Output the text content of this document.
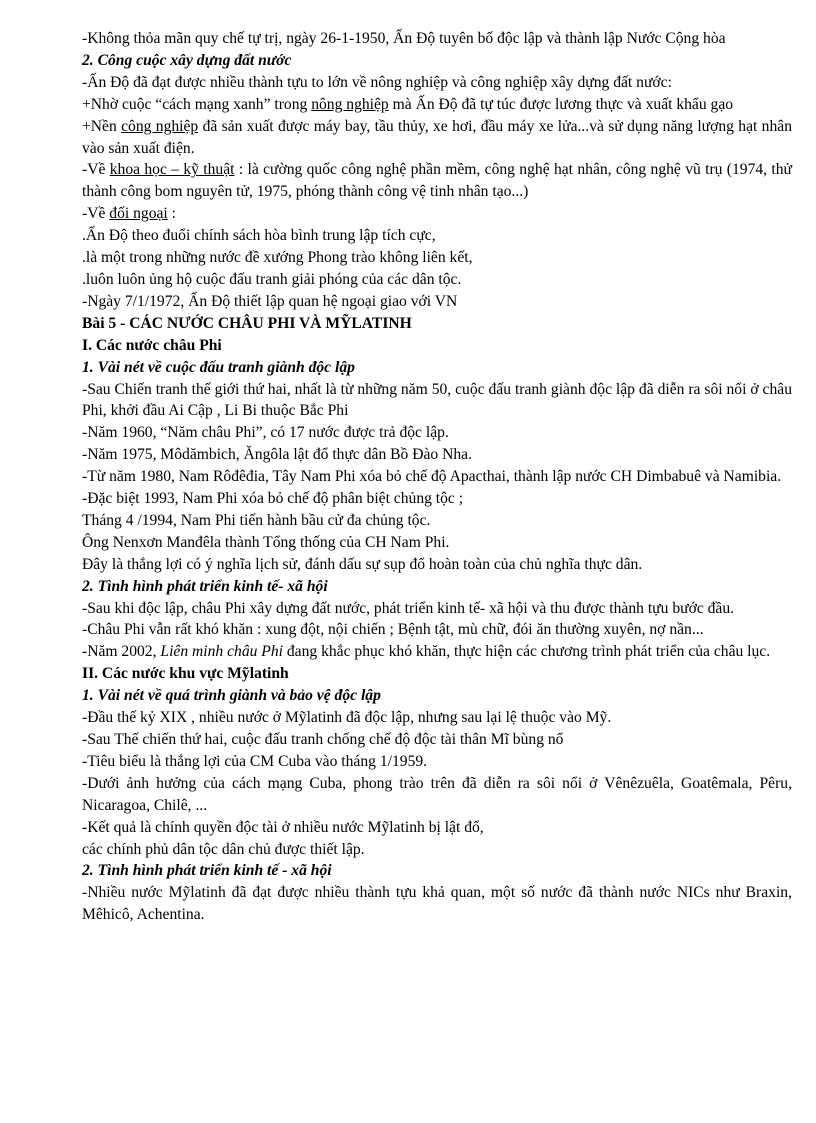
-Không thỏa mãn quy chế tự trị, ngày 26-1-1950, Ấn Độ tuyên bố độc lập và thành lập Nước Cộng hòa

2. Công cuộc xây dựng đất nước

-Ấn Độ đã đạt được nhiều thành tựu to lớn về nông nghiệp và công nghiệp xây dựng đất nước:

+Nhờ cuộc “cách mạng xanh” trong nông nghiệp mà Ấn Độ đã tự túc được lương thực và xuất khẩu gạo

+Nền công nghiệp đã sản xuất được máy bay, tầu thủy, xe hơi, đầu máy xe lửa...và sử dụng năng lượng hạt nhân vào sản xuất điện.

-Về khoa học – kỹ thuật : là cường quốc công nghệ phần mềm, công nghệ hạt nhân, công nghệ vũ trụ (1974, thử thành công bom nguyên tử, 1975, phóng thành công vệ tinh nhân tạo...)

-Về đối ngoại :

.Ấn Độ theo đuổi chính sách hòa bình trung lập tích cực,

.là một trong những nước đề xướng Phong trào không liên kết,

.luôn luôn ủng hộ cuộc đấu tranh giải phóng của các dân tộc.

-Ngày 7/1/1972, Ấn Độ thiết lập quan hệ ngoại giao với VN

Bài 5 - CÁC NƯỚC CHÂU PHI VÀ MỸLATINH

I. Các nước châu Phi

1. Vài nét về cuộc đấu tranh giành độc lập

-Sau Chiến tranh thế giới thứ hai, nhất là từ những năm 50, cuộc đấu tranh giành độc lập đã diễn ra sôi nổi ở châu Phi, khởi đầu Ai Cập , Li Bi thuộc Bắc Phi

-Năm 1960, “Năm châu Phi”, có 17 nước được trả độc lập.

-Năm 1975, Môdămbich, Ăngôla lật đổ thực dân Bồ Đào Nha.

-Từ năm 1980, Nam Rôđêđia, Tây Nam Phi xóa bỏ chế độ Apacthai, thành lập nước CH Dimbabuê và Namibia.

-Đặc biệt 1993, Nam Phi xóa bỏ chế độ phân biệt chủng tộc ;

Tháng 4 /1994, Nam Phi tiến hành bầu cử đa chủng tộc.

Ông Nenxơn Manđêla thành Tổng thống của CH Nam Phi.

Đây là thắng lợi có ý nghĩa lịch sử, đánh dấu sự sụp đổ hoàn toàn của chủ nghĩa thực dân.

2. Tình hình phát triển kinh tế- xã hội

-Sau khi độc lập, châu Phi xây dựng đất nước, phát triển kinh tế- xã hội và thu được thành tựu bước đầu.

-Châu Phi vẫn rất khó khăn : xung đột, nội chiến ; Bệnh tật, mù chữ, đói ăn thường xuyên, nợ nần...

-Năm 2002, Liên minh châu Phi đang khắc phục khó khăn, thực hiện các chương trình phát triển của châu lục.

II. Các nước khu vực Mỹlatinh

1. Vài nét về quá trình giành và bảo vệ độc lập

-Đầu thế kỷ XIX , nhiều nước ở Mỹlatinh đã độc lập, nhưng sau lại lệ thuộc vào Mỹ.

-Sau Thế chiến thứ hai, cuộc đấu tranh chống chế độ độc tài thân Mĩ bùng nổ

-Tiêu biểu là thắng lợi của CM Cuba vào tháng 1/1959.

-Dưới ảnh hưởng của cách mạng Cuba, phong trào trên đã diễn ra sôi nổi ở Vênêzuêla, Goatêmala, Pêru, Nicaragoa, Chilê, ...

-Kết quả là chính quyền độc tài ở nhiều nước Mỹlatinh bị lật đổ,

các chính phủ dân tộc dân chủ được thiết lập.

2. Tình hình phát triển kinh tế - xã hội

-Nhiều nước Mỹlatinh đã đạt được nhiều thành tựu khả quan, một số nước đã thành nước NICs như Braxin, Mêhicô, Achentina.
